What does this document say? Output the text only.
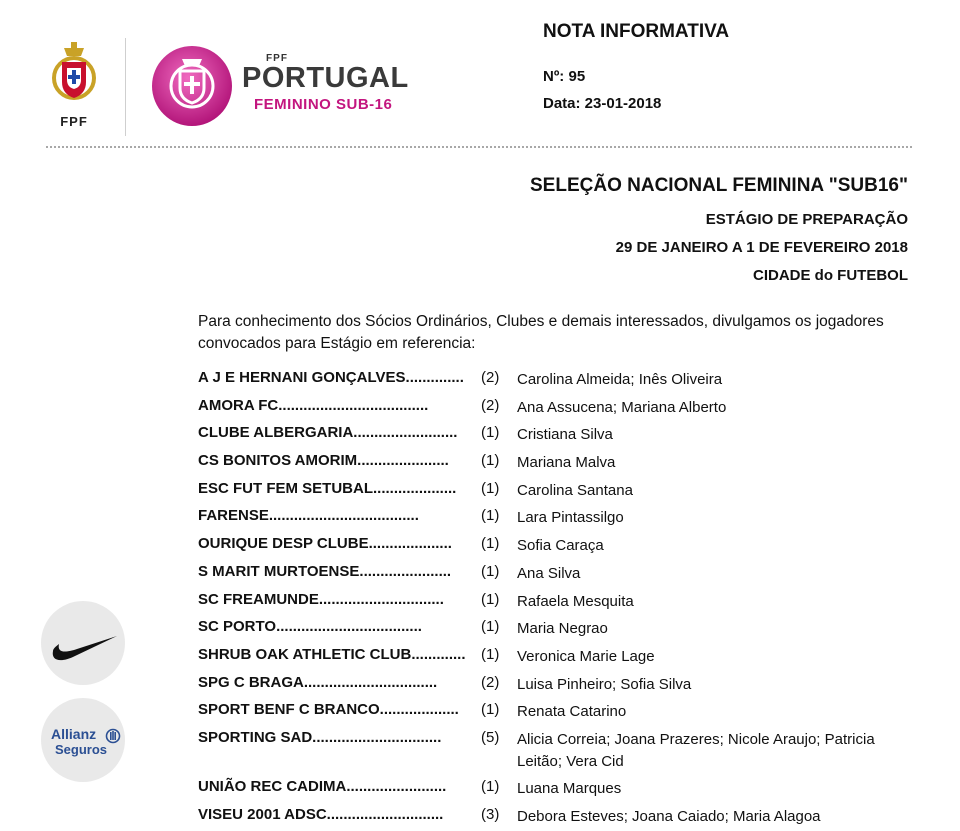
FPF
FPF
PORTUGAL
FEMININO SUB-16
NOTA INFORMATIVA
Nº: 95
Data: 23-01-2018
SELEÇÃO NACIONAL FEMININA "SUB16"
ESTÁGIO DE PREPARAÇÃO
29 DE JANEIRO A 1 DE FEVEREIRO 2018
CIDADE do FUTEBOL
Para conhecimento dos Sócios Ordinários, Clubes e demais interessados, divulgamos os jogadores convocados para Estágio em referencia:
A J E HERNANI GONÇALVES.............. (2) Carolina Almeida; Inês Oliveira
AMORA FC....................................	(2) Ana Assucena; Mariana Alberto
CLUBE ALBERGARIA......................... (1) Cristiana Silva
CS BONITOS AMORIM...................... (1) Mariana Malva
ESC FUT FEM SETUBAL.................... (1) Carolina Santana
FARENSE....................................	(1) Lara Pintassilgo
OURIQUE DESP CLUBE.................... (1) Sofia Caraça
S MARIT MURTOENSE...................... (1) Ana Silva
SC FREAMUNDE.............................. (1) Rafaela Mesquita
SC PORTO...................................	(1) Maria Negrao
SHRUB OAK ATHLETIC CLUB............. (1) Veronica Marie Lage
SPG C BRAGA................................	(2) Luisa Pinheiro; Sofia Silva
SPORT BENF C BRANCO................... (1) Renata Catarino
SPORTING SAD...............................	(5) Alicia Correia; Joana Prazeres; Nicole Araujo; Patricia Leitão; Vera Cid
UNIÃO REC CADIMA........................ (1) Luana Marques
VISEU 2001 ADSC............................	(3) Debora Esteves; Joana Caiado; Maria Alagoa
Allianz
Seguros
